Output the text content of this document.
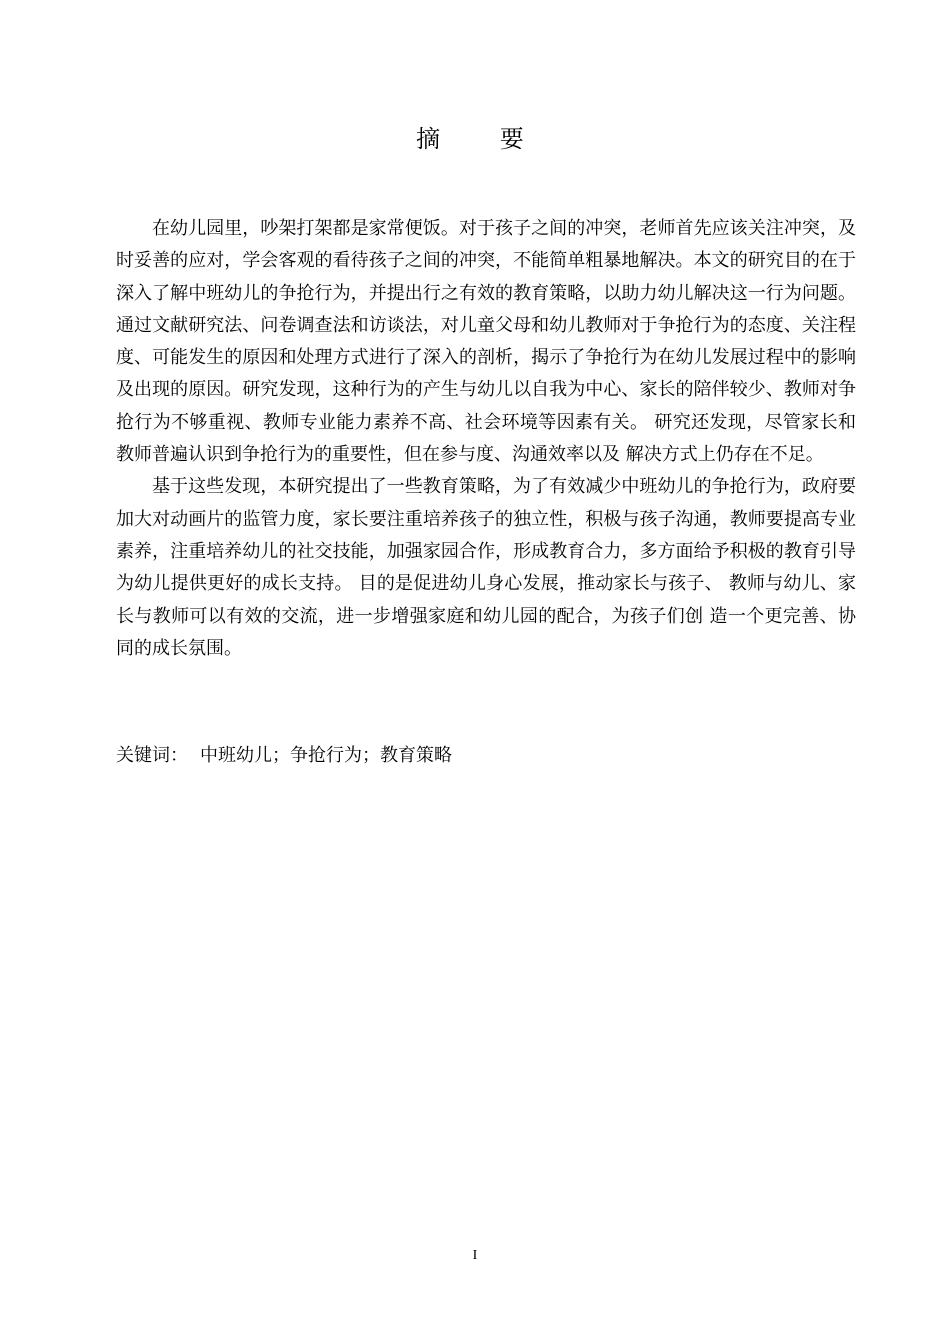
摘 要

在幼儿园里，吵架打架都是家常便饭。对于孩子之间的冲突，老师首先应该关注冲突，及时妥善的应对，学会客观的看待孩子之间的冲突，不能简单粗暴地解决。本文的研究目的在于深入了解中班幼儿的争抢行为，并提出行之有效的教育策略，以助力幼儿解决这一行为问题。通过文献研究法、问卷调查法和访谈法，对儿童父母和幼儿教师对于争抢行为的态度、关注程度、可能发生的原因和处理方式进行了深入的剖析，揭示了争抢行为在幼儿发展过程中的影响及出现的原因。研究发现，这种行为的产生与幼儿以自我为中心、家长的陪伴较少、教师对争抢行为不够重视、教师专业能力素养不高、社会环境等因素有关。 研究还发现，尽管家长和教师普遍认识到争抢行为的重要性，但在参与度、沟通效率以及 解决方式上仍存在不足。

基于这些发现，本研究提出了一些教育策略，为了有效减少中班幼儿的争抢行为，政府要加大对动画片的监管力度，家长要注重培养孩子的独立性，积极与孩子沟通，教师要提高专业素养，注重培养幼儿的社交技能，加强家园合作，形成教育合力，多方面给予积极的教育引导为幼儿提供更好的成长支持。 目的是促进幼儿身心发展，推动家长与孩子、 教师与幼儿、家长与教师可以有效的交流，进一步增强家庭和幼儿园的配合，为孩子们创 造一个更完善、协同的成长氛围。

关键词： 中班幼儿；争抢行为；教育策略
I
